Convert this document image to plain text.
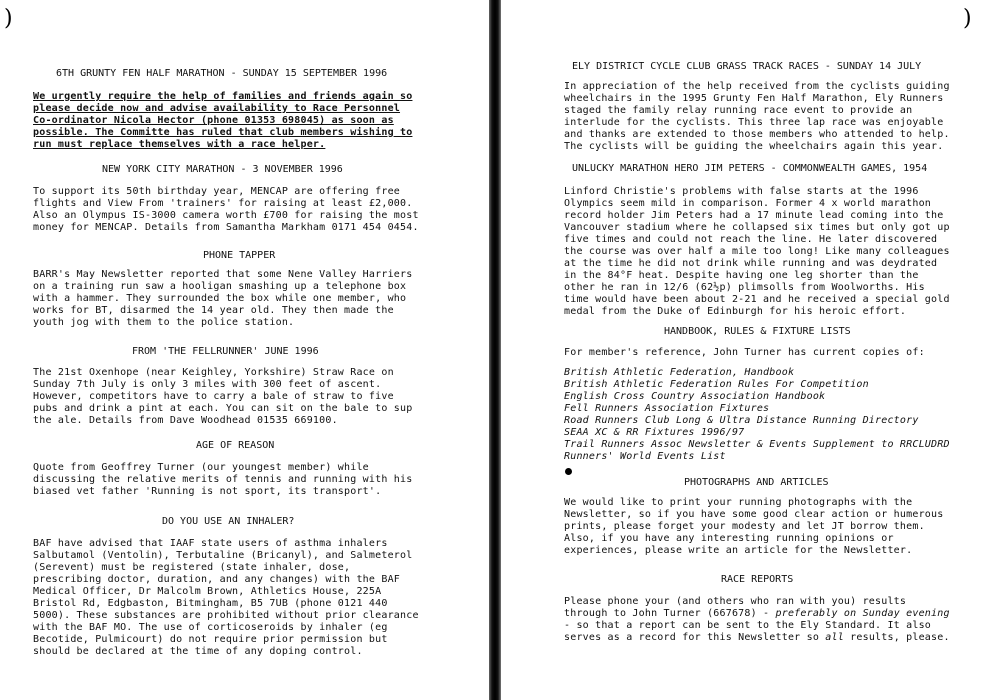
)
6TH GRUNTY FEN HALF MARATHON - SUNDAY 15 SEPTEMBER 1996
We urgently require the help of families and friends again so
please decide now and advise availability to Race Personnel
Co-ordinator Nicola Hector (phone 01353 698045) as soon as
possible. The Committe has ruled that club members wishing to
run must replace themselves with a race helper.
NEW YORK CITY MARATHON - 3 NOVEMBER 1996
To support its 50th birthday year, MENCAP are offering free
flights and View From 'trainers' for raising at least £2,000.
Also an Olympus IS-3000 camera worth £700 for raising the most
money for MENCAP. Details from Samantha Markham 0171 454 0454.
PHONE TAPPER
BARR's May Newsletter reported that some Nene Valley Harriers
on a training run saw a hooligan smashing up a telephone box
with a hammer. They surrounded the box while one member, who
works for BT, disarmed the 14 year old. They then made the
youth jog with them to the police station.
FROM 'THE FELLRUNNER' JUNE 1996
The 21st Oxenhope (near Keighley, Yorkshire) Straw Race on
Sunday 7th July is only 3 miles with 300 feet of ascent.
However, competitors have to carry a bale of straw to five
pubs and drink a pint at each. You can sit on the bale to sup
the ale. Details from Dave Woodhead 01535 669100.
AGE OF REASON
Quote from Geoffrey Turner (our youngest member) while
discussing the relative merits of tennis and running with his
biased vet father 'Running is not sport, its transport'.
DO YOU USE AN INHALER?
BAF have advised that IAAF state users of asthma inhalers
Salbutamol (Ventolin), Terbutaline (Bricanyl), and Salmeterol
(Serevent) must be registered (state inhaler, dose,
prescribing doctor, duration, and any changes) with the BAF
Medical Officer, Dr Malcolm Brown, Athletics House, 225A
Bristol Rd, Edgbaston, Bitmingham, B5 7UB (phone 0121 440
5000). These substances are prohibited without prior clearance
with the BAF MO. The use of corticoseroids by inhaler (eg
Becotide, Pulmicourt) do not require prior permission but
should be declared at the time of any doping control.
)
ELY DISTRICT CYCLE CLUB GRASS TRACK RACES - SUNDAY 14 JULY
In appreciation of the help received from the cyclists guiding
wheelchairs in the 1995 Grunty Fen Half Marathon, Ely Runners
staged the family relay running race event to provide an
interlude for the cyclists. This three lap race was enjoyable
and thanks are extended to those members who attended to help.
The cyclists will be guiding the wheelchairs again this year.
UNLUCKY MARATHON HERO JIM PETERS - COMMONWEALTH GAMES, 1954
Linford Christie's problems with false starts at the 1996
Olympics seem mild in comparison. Former 4 x world marathon
record holder Jim Peters had a 17 minute lead coming into the
Vancouver stadium where he collapsed six times but only got up
five times and could not reach the line. He later discovered
the course was over half a mile too long! Like many colleagues
at the time he did not drink while running and was deydrated
in the 84°F heat. Despite having one leg shorter than the
other he ran in 12/6 (62½p) plimsolls from Woolworths. His
time would have been about 2-21 and he received a special gold
medal from the Duke of Edinburgh for his heroic effort.
HANDBOOK, RULES & FIXTURE LISTS
For member's reference, John Turner has current copies of:
British Athletic Federation, Handbook
British Athletic Federation Rules For Competition
English Cross Country Association Handbook
Fell Runners Association Fixtures
Road Runners Club Long & Ultra Distance Running Directory
SEAA XC & RR Fixtures 1996/97
Trail Runners Assoc Newsletter & Events Supplement to RRCLUDRD
Runners' World Events List
PHOTOGRAPHS AND ARTICLES
We would like to print your running photographs with the
Newsletter, so if you have some good clear action or humerous
prints, please forget your modesty and let JT borrow them.
Also, if you have any interesting running opinions or
experiences, please write an article for the Newsletter.
RACE REPORTS
Please phone your (and others who ran with you) results
through to John Turner (667678) - preferably on Sunday evening
- so that a report can be sent to the Ely Standard. It also
serves as a record for this Newsletter so all results, please.
